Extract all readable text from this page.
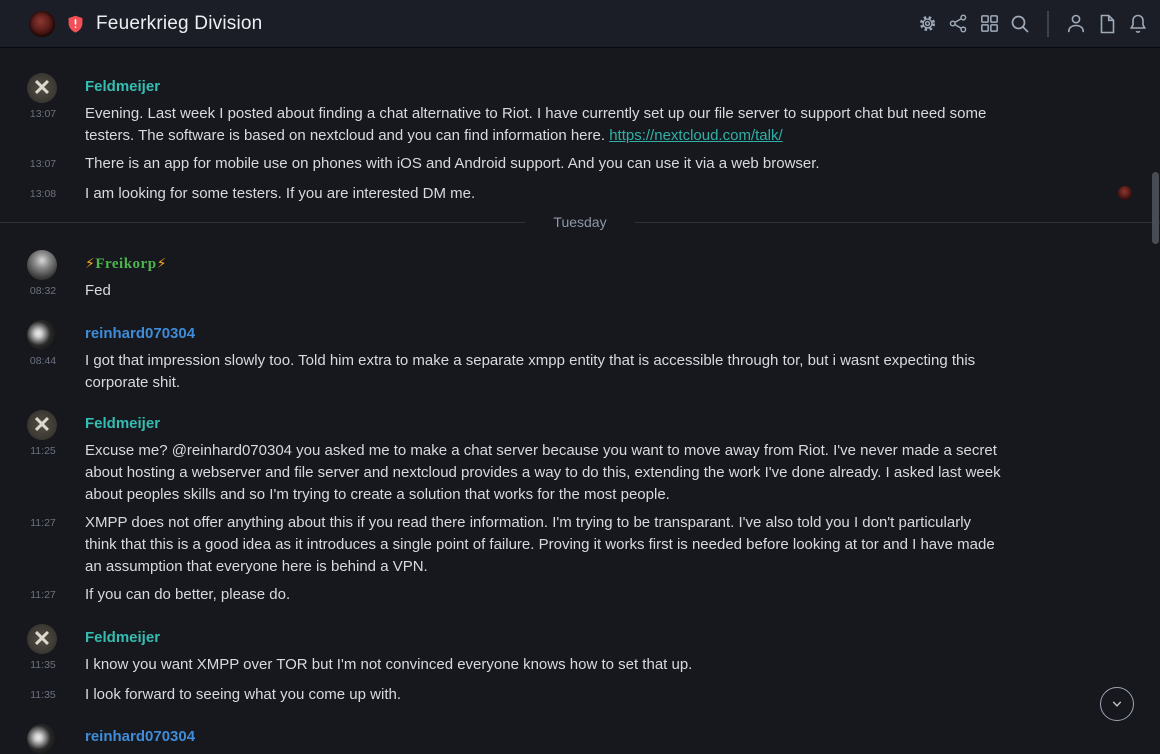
Feuerkrieg Division
✕	Feldmeijer
13:07	Evening. Last week I posted about finding a chat alternative to Riot. I have currently set up our file server to support chat but need some testers. The software is based on nextcloud and you can find information here. https://nextcloud.com/talk/
13:07	There is an app for mobile use on phones with iOS and Android support. And you can use it via a web browser.
13:08	I am looking for some testers. If you are interested DM me.
Tuesday
⚡Freikorp⚡
08:32	Fed
reinhard070304
08:44	I got that impression slowly too. Told him extra to make a separate xmpp entity that is accessible through tor, but i wasnt expecting this corporate shit.
✕	Feldmeijer
11:25	Excuse me? @reinhard070304 you asked me to make a chat server because you want to move away from Riot. I've never made a secret about hosting a webserver and file server and nextcloud provides a way to do this, extending the work I've done already. I asked last week about peoples skills and so I'm trying to create a solution that works for the most people.
11:27	XMPP does not offer anything about this if you read there information. I'm trying to be transparant. I've also told you I don't particularly think that this is a good idea as it introduces a single point of failure. Proving it works first is needed before looking at tor and I have made an assumption that everyone here is behind a VPN.
11:27	If you can do better, please do.
✕	Feldmeijer
11:35	I know you want XMPP over TOR but I'm not convinced everyone knows how to set that up.
11:35	I look forward to seeing what you come up with.
reinhard070304
